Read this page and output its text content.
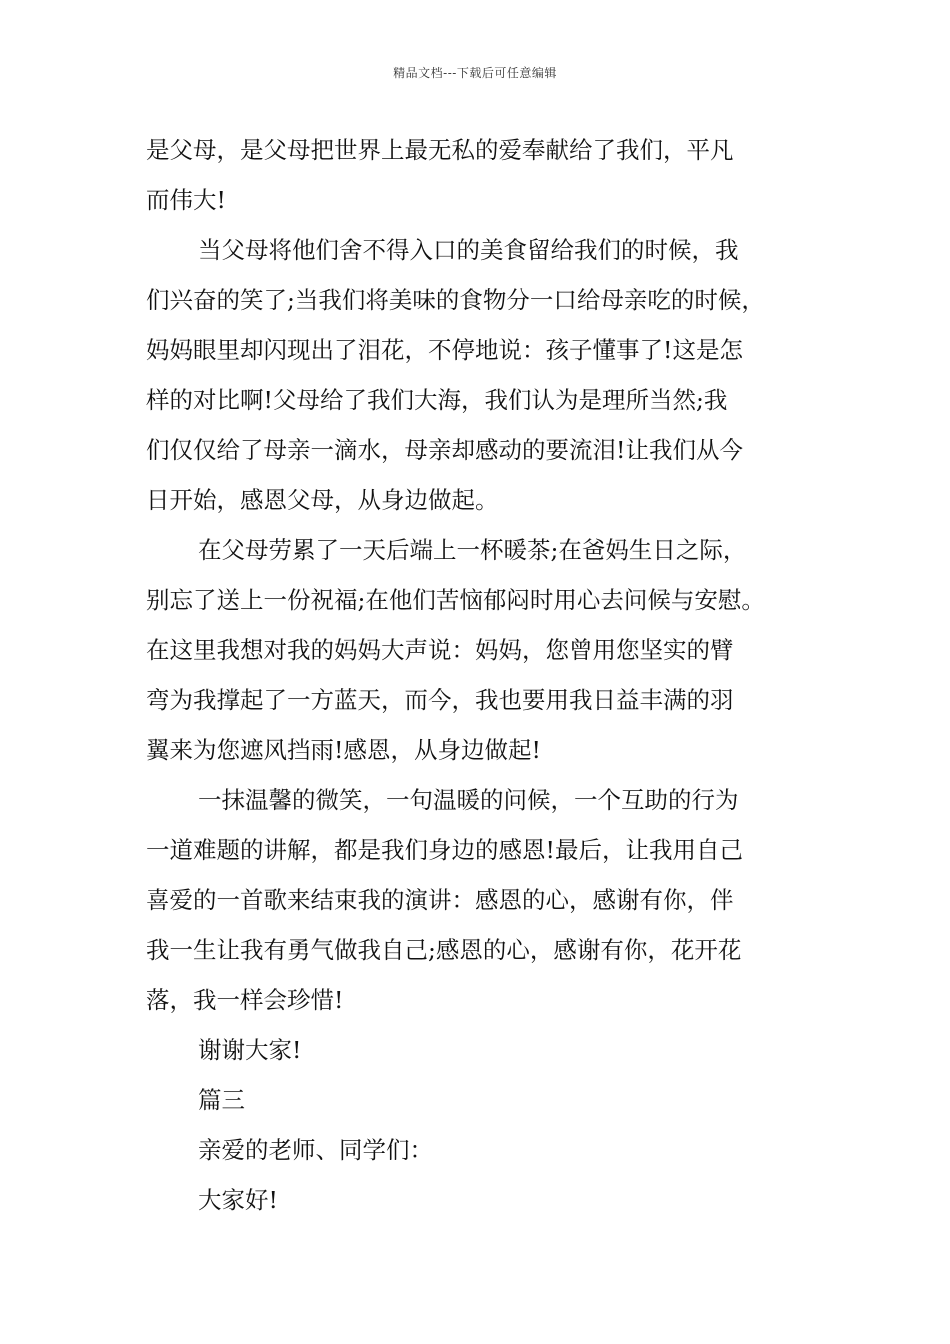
精品文档---下载后可任意编辑
是父母，是父母把世界上最无私的爱奉献给了我们，平凡
而伟大!
当父母将他们舍不得入口的美食留给我们的时候，我
们兴奋的笑了;当我们将美味的食物分一口给母亲吃的时候，
妈妈眼里却闪现出了泪花，不停地说：孩子懂事了!这是怎
样的对比啊!父母给了我们大海，我们认为是理所当然;我
们仅仅给了母亲一滴水，母亲却感动的要流泪!让我们从今
日开始，感恩父母，从身边做起。
在父母劳累了一天后端上一杯暖茶;在爸妈生日之际，
别忘了送上一份祝福;在他们苦恼郁闷时用心去问候与安慰。
在这里我想对我的妈妈大声说：妈妈，您曾用您坚实的臂
弯为我撑起了一方蓝天，而今，我也要用我日益丰满的羽
翼来为您遮风挡雨!感恩，从身边做起!
一抹温馨的微笑，一句温暖的问候，一个互助的行为
一道难题的讲解，都是我们身边的感恩!最后，让我用自己
喜爱的一首歌来结束我的演讲：感恩的心，感谢有你，伴
我一生让我有勇气做我自己;感恩的心，感谢有你，花开花
落，我一样会珍惜!
谢谢大家!
篇三
亲爱的老师、同学们：
大家好!
